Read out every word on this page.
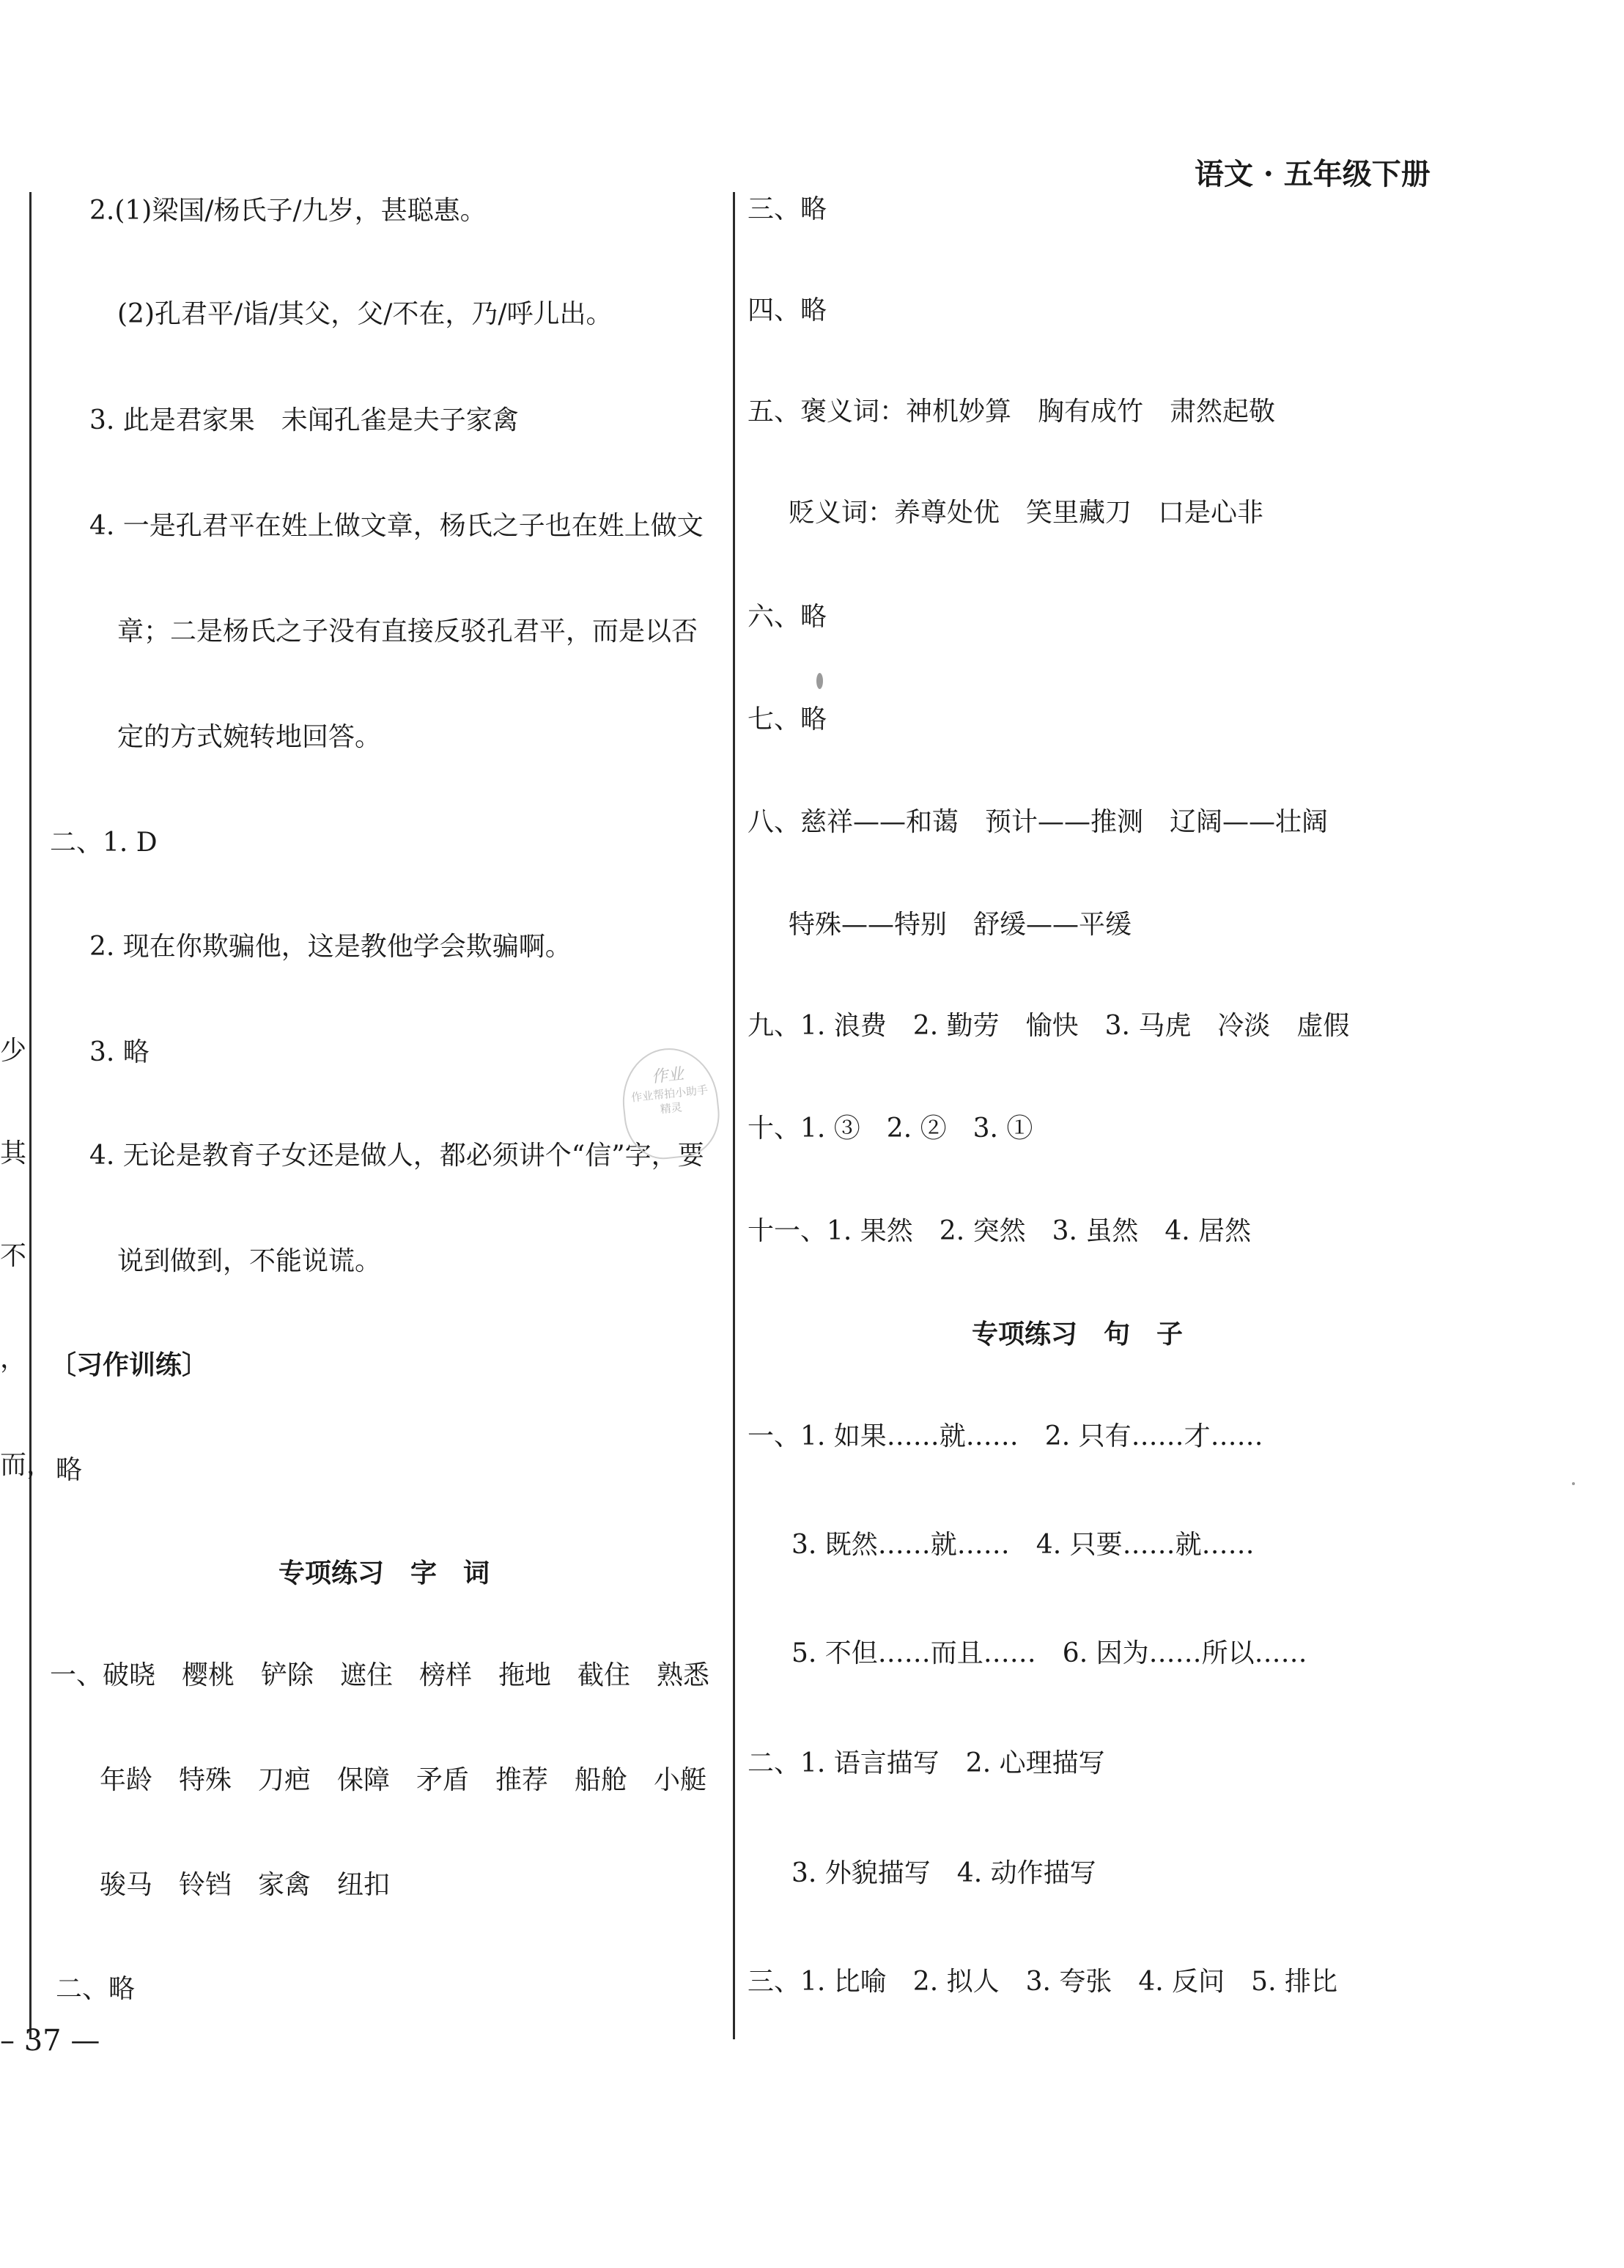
语文 · 五年级下册
少
其
不
，
而，
2.(1)梁国/杨氏子/九岁，甚聪惠。
(2)孔君平/诣/其父，父/不在，乃/呼儿出。
3. 此是君家果　未闻孔雀是夫子家禽
4. 一是孔君平在姓上做文章，杨氏之子也在姓上做文
章；二是杨氏之子没有直接反驳孔君平，而是以否
定的方式婉转地回答。
二、1. D
2. 现在你欺骗他，这是教他学会欺骗啊。
3. 略
4. 无论是教育子女还是做人，都必须讲个“信”字，要
说到做到，不能说谎。
〔习作训练〕
略
专项练习　字　词
一、破晓　樱桃　铲除　遮住　榜样　拖地　截住　熟悉
年龄　特殊　刀疤　保障　矛盾　推荐　船舱　小艇
骏马　铃铛　家禽　纽扣
二、略
作业
作业帮拍小助手
精灵
三、略
四、略
五、褒义词：神机妙算　胸有成竹　肃然起敬
贬义词：养尊处优　笑里藏刀　口是心非
六、略
七、略
八、慈祥——和蔼　预计——推测　辽阔——壮阔
特殊——特别　舒缓——平缓
九、1. 浪费　2. 勤劳　愉快　3. 马虎　冷淡　虚假
十、1. ③　2. ②　3. ①
十一、1. 果然　2. 突然　3. 虽然　4. 居然
专项练习　句　子
一、1. 如果……就……　2. 只有……才……
3. 既然……就……　4. 只要……就……
5. 不但……而且……　6. 因为……所以……
二、1. 语言描写　2. 心理描写
3. 外貌描写　4. 动作描写
三、1. 比喻　2. 拟人　3. 夸张　4. 反问　5. 排比
– 37 —
